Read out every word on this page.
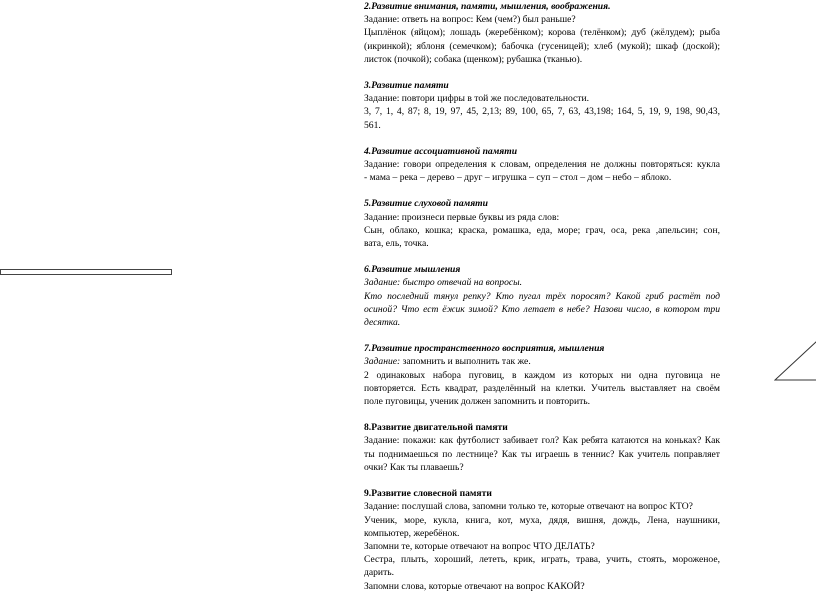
2.Развитие внимания, памяти, мышления, воображения.
Задание: ответь на вопрос: Кем (чем?) был раньше?
Цыплёнок (яйцом); лошадь (жеребёнком); корова (телёнком); дуб (жёлудем); рыба
(икринкой); яблоня (семечком); бабочка (гусеницей); хлеб (мукой); шкаф (доской);
листок (почкой); собака (щенком); рубашка (тканью).
3.Развитие памяти
Задание: повтори цифры в той же последовательности.
3, 7, 1, 4, 87; 8, 19, 97, 45, 2,13; 89, 100, 65, 7, 63, 43,198; 164, 5, 19, 9, 198, 90,43,
561.
4.Развитие ассоциативной памяти
Задание: говори определения к словам, определения не должны повторяться: кукла
- мама – река – дерево – друг – игрушка – суп – стол – дом – небо – яблоко.
5.Развитие слуховой памяти
Задание: произнеси первые буквы из ряда слов:
Сын, облако, кошка; краска, ромашка, еда, море; грач, оса, река ,апельсин; сон,
вата, ель, точка.
6.Развитие мышления
Задание: быстро отвечай на вопросы.
Кто последний тянул репку? Кто пугал трёх поросят? Какой гриб растёт под
осиной? Что ест ёжик зимой? Кто летает в небе? Назови число, в котором три
десятка.
7.Развитие пространственного восприятия, мышления
Задание: запомнить и выполнить так же.
2 одинаковых набора пуговиц, в каждом из которых ни одна пуговица не
повторяется. Есть квадрат, разделённый на клетки. Учитель выставляет на своём
поле пуговицы, ученик должен запомнить и повторить.
8.Развитие двигательной памяти
Задание: покажи: как футболист забивает гол? Как ребята катаются на коньках? Как
ты поднимаешься по лестнице? Как ты играешь в теннис? Как учитель поправляет
очки? Как ты плаваешь?
9.Развитие словесной памяти
Задание: послушай слова, запомни только те, которые отвечают на вопрос КТО?
Ученик, море, кукла, книга, кот, муха, дядя, вишня, дождь, Лена, наушники,
компьютер, жеребёнок.
Запомни те, которые отвечают на вопрос ЧТО ДЕЛАТЬ?
Сестра, плыть, хороший, лететь, крик, играть, трава, учить, стоять, мороженое,
дарить.
Запомни слова, которые отвечают на вопрос КАКОЙ?
